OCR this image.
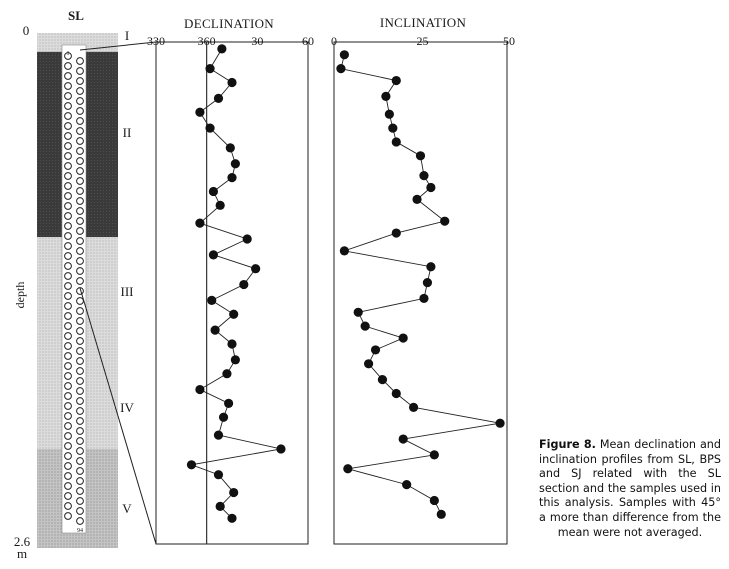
SL
0
2.6
m
depth
1
94
I
II
III
IV
V
DECLINATION	INCLINATION
330	360	30	60 0	-25	-50

Figure 8. Mean declination and inclination profiles from SL, BPS and SJ related with the SL section and the samples used in this analysis. Samples with 45° a more than difference from the mean were not averaged.
